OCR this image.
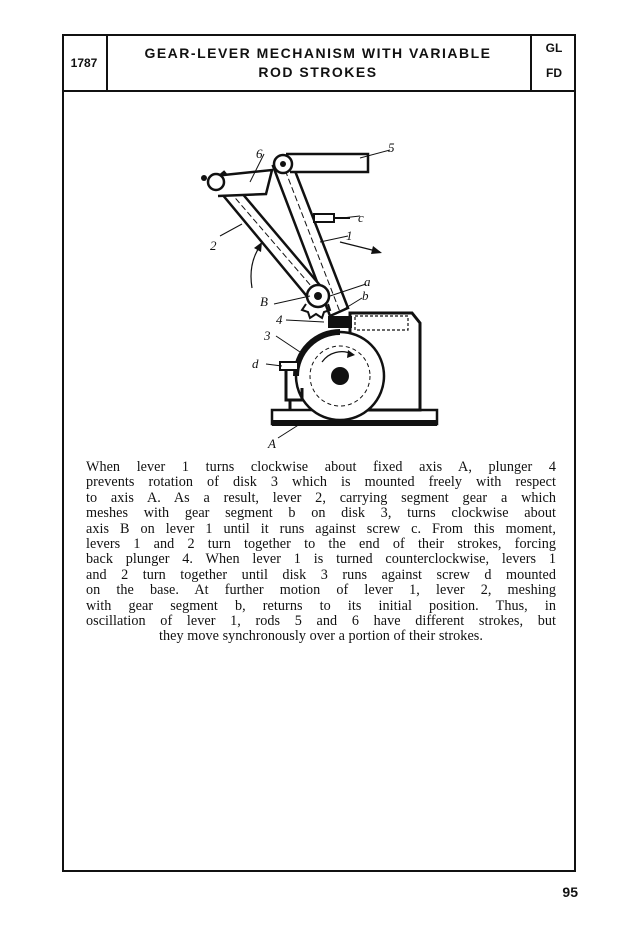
1787
GEAR-LEVER MECHANISM WITH VARIABLE
ROD STROKES
GL
FD
6	5
c
1
2
a
b
B
4
3
d
A
When lever 1 turns clockwise about fixed axis A, plunger 4
prevents rotation of disk 3 which is mounted freely with respect
to axis A. As a result, lever 2, carrying segment gear a which
meshes with gear segment b on disk 3, turns clockwise about
axis B on lever 1 until it runs against screw c. From this moment,
levers 1 and 2 turn together to the end of their strokes, forcing
back plunger 4. When lever 1 is turned counterclockwise, levers 1
and 2 turn together until disk 3 runs against screw d mounted
on the base. At further motion of lever 1, lever 2, meshing
with gear segment b, returns to its initial position. Thus, in
oscillation of lever 1, rods 5 and 6 have different strokes, but
they move synchronously over a portion of their strokes.
95
